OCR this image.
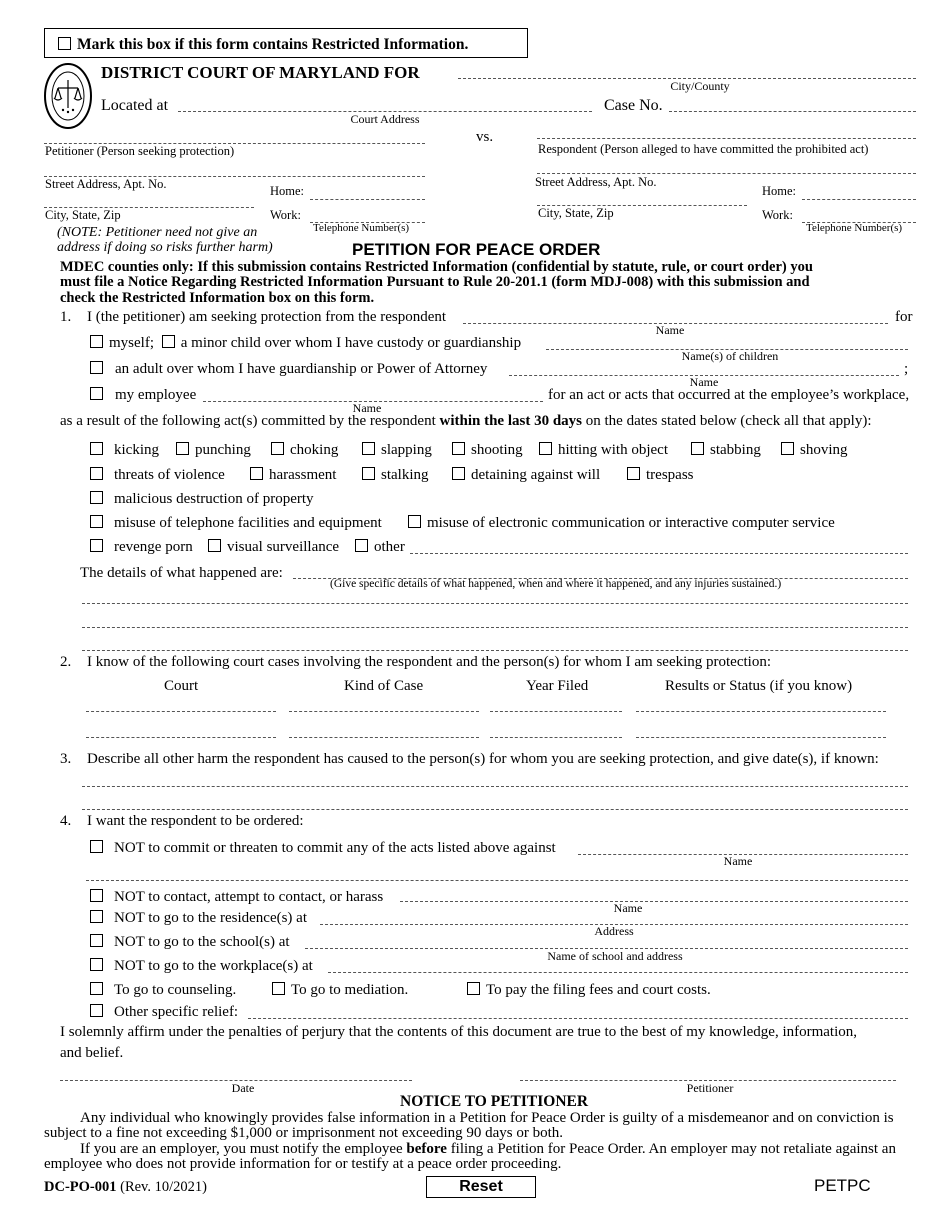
Mark this box if this form contains Restricted Information.
DISTRICT COURT OF MARYLAND FOR
City/County
Located at
Court Address
Case No.
vs.
Petitioner (Person seeking protection)	Respondent (Person alleged to have committed the prohibited act)
Street Address, Apt. No.	Home:
Street Address, Apt. No.
Home:
City, State, Zip	Work:
Telephone Number(s)
City, State, Zip	Work:
Telephone Number(s)
(NOTE: Petitioner need not give an
address if doing so risks further harm)	PETITION FOR PEACE ORDER
MDEC counties only: If this submission contains Restricted Information (confidential by statute, rule, or court order) you
must file a Notice Regarding Restricted Information Pursuant to Rule 20-201.1 (form MDJ-008) with this submission and
check the Restricted Information box on this form.
1. I (the petitioner) am seeking protection from the respondent	for
Name
myself; a minor child over whom I have custody or guardianship
Name(s) of children
an adult over whom I have guardianship or Power of Attorney	;
Name
my employee
Name
for an act or acts that occurred at the employee’s workplace,
as a result of the following act(s) committed by the respondent within the last 30 days on the dates stated below (check all that apply):
kicking	punching	choking	slapping	shooting	hitting with object	stabbing	shoving
threats of violence	harassment	stalking	detaining against will	trespass
malicious destruction of property
misuse of telephone facilities and equipment	misuse of electronic communication or interactive computer service
revenge porn	visual surveillance	other
The details of what happened are:
(Give specific details of what happened, when and where it happened, and any injuries sustained.)
2. I know of the following court cases involving the respondent and the person(s) for whom I am seeking protection:
Court	Kind of Case	Year Filed	Results or Status (if you know)
3. Describe all other harm the respondent has caused to the person(s) for whom you are seeking protection, and give date(s), if known:
4. I want the respondent to be ordered:
NOT to commit or threaten to commit any of the acts listed above against
Name
NOT to contact, attempt to contact, or harass
Name
NOT to go to the residence(s) at
Address
NOT to go to the school(s) at
Name of school and address
NOT to go to the workplace(s) at
To go to counseling.	To go to mediation.	To pay the filing fees and court costs.
Other specific relief:
I solemnly affirm under the penalties of perjury that the contents of this document are true to the best of my knowledge, information,
and belief.
Date	Petitioner
NOTICE TO PETITIONER
Any individual who knowingly provides false information in a Petition for Peace Order is guilty of a misdemeanor and on conviction is
subject to a fine not exceeding $1,000 or imprisonment not exceeding 90 days or both.
If you are an employer, you must notify the employee before filing a Petition for Peace Order. An employer may not retaliate against an
employee who does not provide information for or testify at a peace order proceeding.
DC-PO-001 (Rev. 10/2021)	Reset	PETPC
